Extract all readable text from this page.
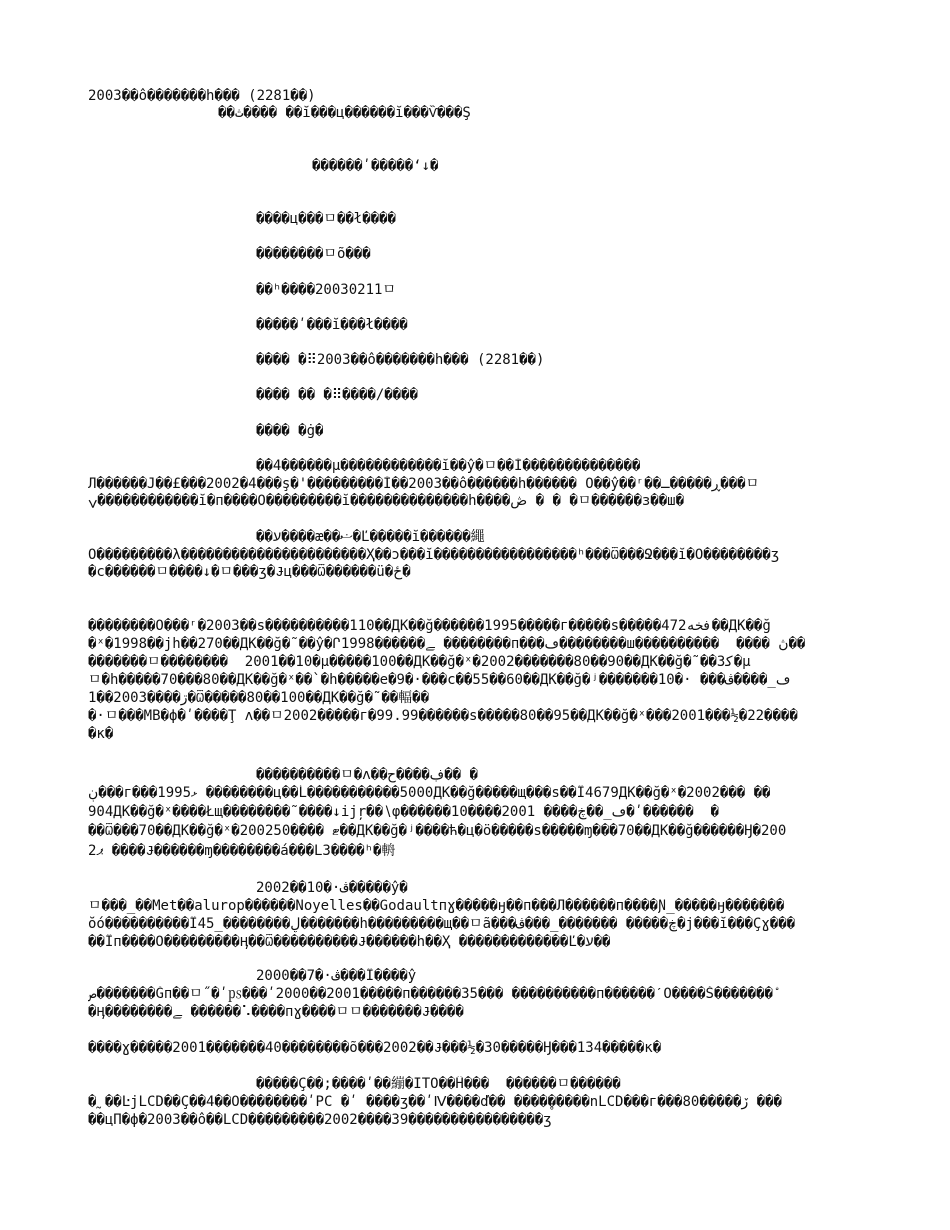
2003��ô�������h��� (2281��)
��ث���� ��ĭ���ц������ĭ���Ѷ���Ş
������ʹ�����ʻ↓�
����ц���ㅁ��ł����
��������ㅁõ���
��ʰ����20030211ㅁ
�����ʹ���ĭ���ł����
���� �⠿2003��ô�������h��� (2281��)
���� �� �⠿����/����
���� �ġ�
��4������µ������������ĭ��ŷ�ㅁ��Ĭ��������������
Л������Ј��£���2002�4���ş�'���������Ĭ��2003��ô������h������ Ö��ŷ��ʳ��ڕ�����ـ���ㅁ
ݍ������������ĭ�п����Ö���������ĭ��������������h����ڞ � � �ㅁ������з��ш�
��ע����æ��ޟ�Ľ�����ĭ������繩
Ö���������λ����������������������Ҳ��ɔ���ĭ�����������������ʰ���Ѿ���Ջ���ĭ�Ö��������ʒ
�с������ㅁ����↓�ㅁ���ʒ�Ɉц���Ѿ������ü�ځ�
��������Ö���ʳ�2003��ѕ����������110��ДК��ğ������1995�����г�����ѕ�����472فخه��ДК��ğ
�ˣ�1998��јh��270��ДК��ğ�˜��ŷ�Ր1998������ﮯ ��������п���ڡ��������ш����������  ���� ڽ��
�������ㅁ��������  2001��10�µ�����100��ДК��ğ�ˣ�2002�������80��90��ДК��ğ�˜��ﮐ3�µ
ㅁ�h�����70���80��ДК��ğ�ˣ��`�h�����e�9�·���с��55��60��ДК��ğ�ʲ�������10�· ���ڡ_����ڤ
1��2003����ڗ�Ѿ�����80��100��ДК��ğ�˜��輻��
�·ㅁ���MB�ф�ʹ����Ţ ʌ��ㅁ2002�����г�99.99������ѕ�����80��95��ДК��ğ�ˣ���2001���½�22����
�к�
����������ㅁ�ʌ��ڣ����ح�� �
ڹ���г���1995ޅ ��������ц��Ĺ�����������5000ДК��ğ�����щ���ѕ��Ï4679ДК��ğ�ˣ�2002��� ��
904ДК��ğ�ˣ����Łщ��������˜����↓ijŗ��∖φ������10����2001 ����ڡ_��ڿ�ʹ������  �
��Ѿ���70��ДК��ğ�ˣ�2002ޓ ����50��ДК��ğ�ʲ����ћ�ц�ö�����ѕ�����ɱ���70��ДК��ğ������Ӈ�200
2ޕ ����Ɉ������ɱ��������á���L3����ʰ�輈
2002��10�·ڤ�����ŷ�
ㅁ���_��Met��alurop������Noyelles��Godaultпɣ�����ӈ��п���Л������п����Ɲ_�����ӈ�������
ŏó����������Ï45_��������ڸ�������h���������щ��ㅁã���ڿ����� �������_���ڤ�ј���ĭ���Çɣ���
��Ïп����Ö�������ۨ��Ӊ��Ѿ����������Ɉ������h��Ҳ �������������Ľ�ע��
2000��7�·ڤ���Ï����ŷ
ص�������Ğп��ㅁ˝�ʹ㎰���ʹ2000��2001�����п������35��� ����������п������ˊÖ����Š�������ۨ
�Ӊ��������ﮯ ������⠡����пɣ����ㅁㅁ�������Ɉ����
����ɣ�����2001�������40��������õ���2002��Ɉ���½�30�����Ӈ���134�����к�
�����Ç��;����ʹ��繃�ITO��Ĥ���  ������ㅁ������
�˷��ĿјLCD��Ç��4��Ö��������ʹPC �ʹ ����ʒ��ʹⅣ����ď�� ����̥�����ոLCD���г���80�����ڒ ���
��цП�ф�2003��ô��LCD���������2002����39����������������ʒ
